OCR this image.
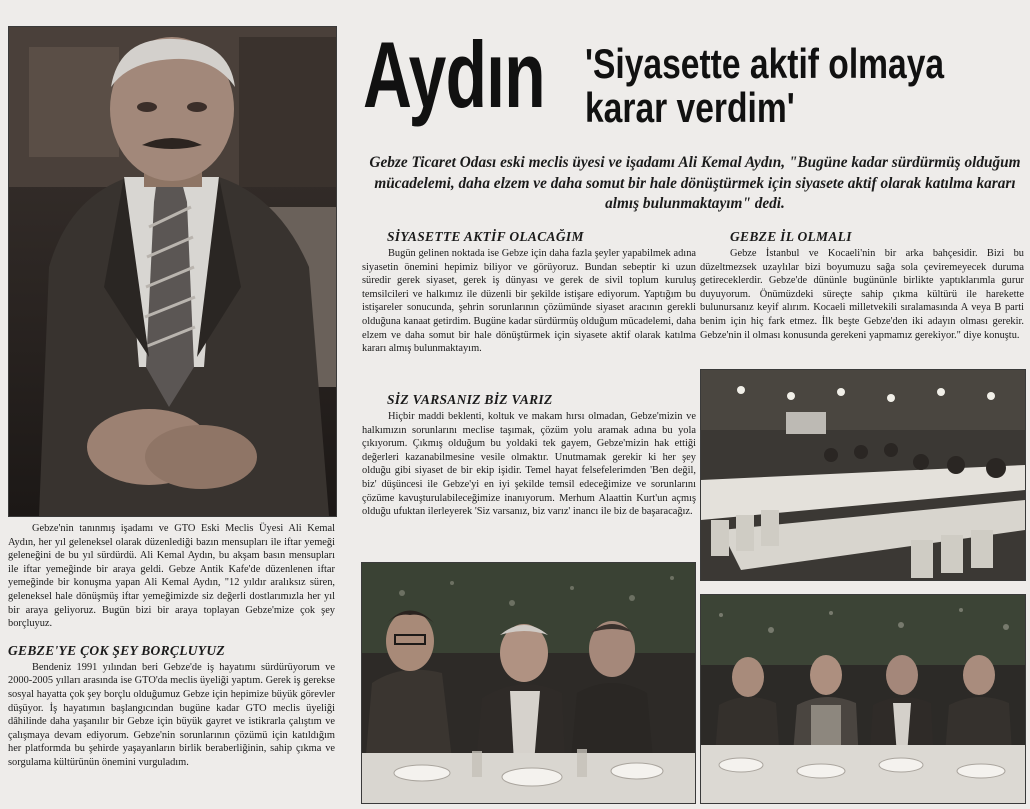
Aydın 'Siyasette aktif olmaya karar verdim'

Gebze Ticaret Odası eski meclis üyesi ve işadamı Ali Kemal Aydın, "Bugüne kadar sürdürmüş olduğum mücadelemi, daha elzem ve daha somut bir hale dönüştürmek için siyasete aktif olarak katılma kararı almış bulunmaktayım" dedi.

SİYASETTE AKTİF OLACAĞIM

Bugün gelinen noktada ise Gebze için daha fazla şeyler yapabilmek adına siyasetin önemini hepimiz biliyor ve görüyoruz. Bundan sebeptir ki uzun süredir gerek siyaset, gerek iş dünyası ve gerek de sivil toplum kuruluş temsilcileri ve halkımız ile düzenli bir şekilde istişare ediyorum. Yaptığım bu istişareler sonucunda, şehrin sorunlarının çözümünde siyaset aracının gerekli olduğuna kanaat getirdim. Bugüne kadar sürdürmüş olduğum mücadelemi, daha elzem ve daha somut bir hale dönüştürmek için siyasete aktif olarak katılma kararı almış bulunmaktayım.

SİZ VARSANIZ BİZ VARIZ

Hiçbir maddi beklenti, koltuk ve makam hırsı olmadan, Gebze'mizin ve halkımızın sorunlarını meclise taşımak, çözüm yolu aramak adına bu yola çıkıyorum. Çıkmış olduğum bu yoldaki tek gayem, Gebze'mizin hak ettiği değerleri kazanabilmesine vesile olmaktır. Unutmamak gerekir ki her şey olduğu gibi siyaset de bir ekip işidir. Temel hayat felsefelerimden 'Ben değil, biz' düşüncesi ile Gebze'yi en iyi şekilde temsil edeceğimize ve sorunlarını çözüme kavuşturulabileceğimize inanıyorum. Merhum Alaattin Kurt'un açmış olduğu ufuktan ilerleyerek 'Siz varsanız, biz varız' inancı ile biz de başaracağız.

GEBZE İL OLMALI

Gebze İstanbul ve Kocaeli'nin bir arka bahçesidir. Bizi bu düzeltmezsek uzaylılar bizi boyumuzu sağa sola çeviremeyecek duruma getireceklerdir. Gebze'de dününle bugününle birlikte yaptıklarımla gurur duyuyorum. Önümüzdeki süreçte sahip çıkma kültürü ile harekette bulunursanız keyif alırım. Kocaeli milletvekili sıralamasında A veya B parti benim için hiç fark etmez. İlk beşte Gebze'den iki adayın olması gerekir. Gebze'nin il olması konusunda gerekeni yapmamız gerekiyor." diye konuştu.

Gebze'nin tanınmış işadamı ve GTO Eski Meclis Üyesi Ali Kemal Aydın, her yıl geleneksel olarak düzenlediği bazın mensupları ile iftar yemeği geleneğini de bu yıl sürdürdü. Ali Kemal Aydın, bu akşam basın mensupları ile iftar yemeğinde bir araya geldi. Gebze Antik Kafe'de düzenlenen iftar yemeğinde bir konuşma yapan Ali Kemal Aydın, "12 yıldır aralıksız süren, geleneksel hale dönüşmüş iftar yemeğimizde siz değerli dostlarımızla her yıl bir araya geliyoruz. Bugün bizi bir araya toplayan Gebze'mize çok şey borçluyuz.

GEBZE'YE ÇOK ŞEY BORÇLUYUZ

Bendeniz 1991 yılından beri Gebze'de iş hayatımı sürdürüyorum ve 2000-2005 yılları arasında ise GTO'da meclis üyeliği yaptım. Gerek iş gerekse sosyal hayatta çok şey borçlu olduğumuz Gebze için hepimize büyük görevler düşüyor. İş hayatımın başlangıcından bugüne kadar GTO meclis üyeliği dâhilinde daha yaşanılır bir Gebze için büyük gayret ve istikrarla çalıştım ve çalışmaya devam ediyorum. Gebze'nin sorunlarının çözümü için katıldığım her platformda bu şehirde yaşayanların birlik beraberliğinin, sahip çıkma ve sorgulama kültürünün önemini vurguladım.
